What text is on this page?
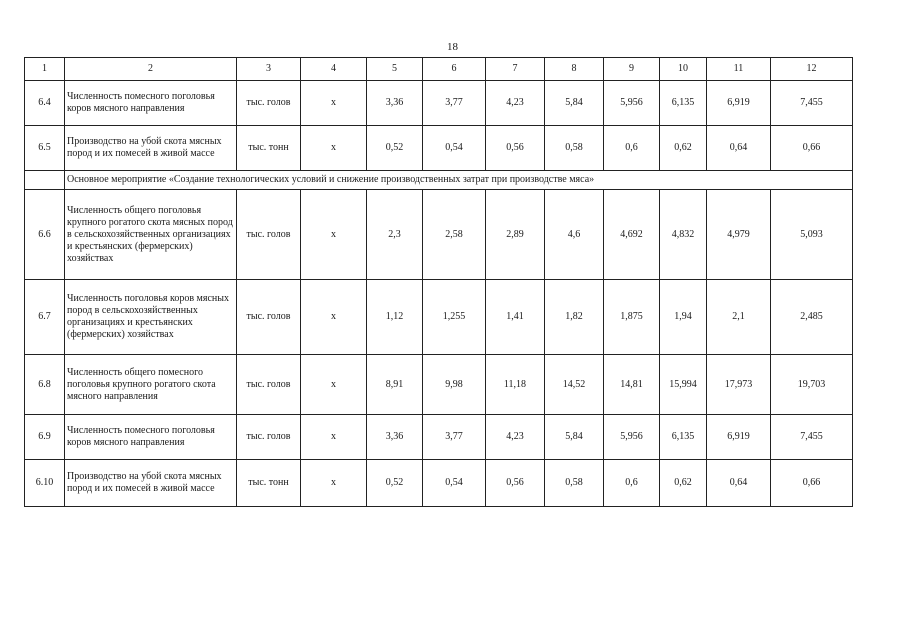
18
1	2	3	4	5	6	7	8	9	10	11	12
6.4	Численность помесного поголовья коров мясного направления	тыс. голов	х	3,36	3,77	4,23	5,84	5,956	6,135	6,919	7,455
6.5	Производство на убой скота мясных пород и их помесей в живой массе	тыс. тонн	х	0,52	0,54	0,56	0,58	0,6	0,62	0,64	0,66
	Основное мероприятие «Создание технологических условий и снижение производственных затрат при производстве мяса»										
6.6	Численность общего поголовья крупного рогатого скота мясных пород в сельскохозяйственных организациях и крестьянских (фермерских) хозяйствах	тыс. голов	х	2,3	2,58	2,89	4,6	4,692	4,832	4,979	5,093
6.7	Численность поголовья коров мясных пород в сельскохозяйственных организациях и крестьянских (фермерских) хозяйствах	тыс. голов	х	1,12	1,255	1,41	1,82	1,875	1,94	2,1	2,485
6.8	Численность общего помесного поголовья крупного рогатого скота мясного направления	тыс. голов	х	8,91	9,98	11,18	14,52	14,81	15,994	17,973	19,703
6.9	Численность помесного поголовья коров мясного направления	тыс. голов	х	3,36	3,77	4,23	5,84	5,956	6,135	6,919	7,455
6.10	Производство на убой скота мясных пород и их помесей в живой массе	тыс. тонн	х	0,52	0,54	0,56	0,58	0,6	0,62	0,64	0,66
